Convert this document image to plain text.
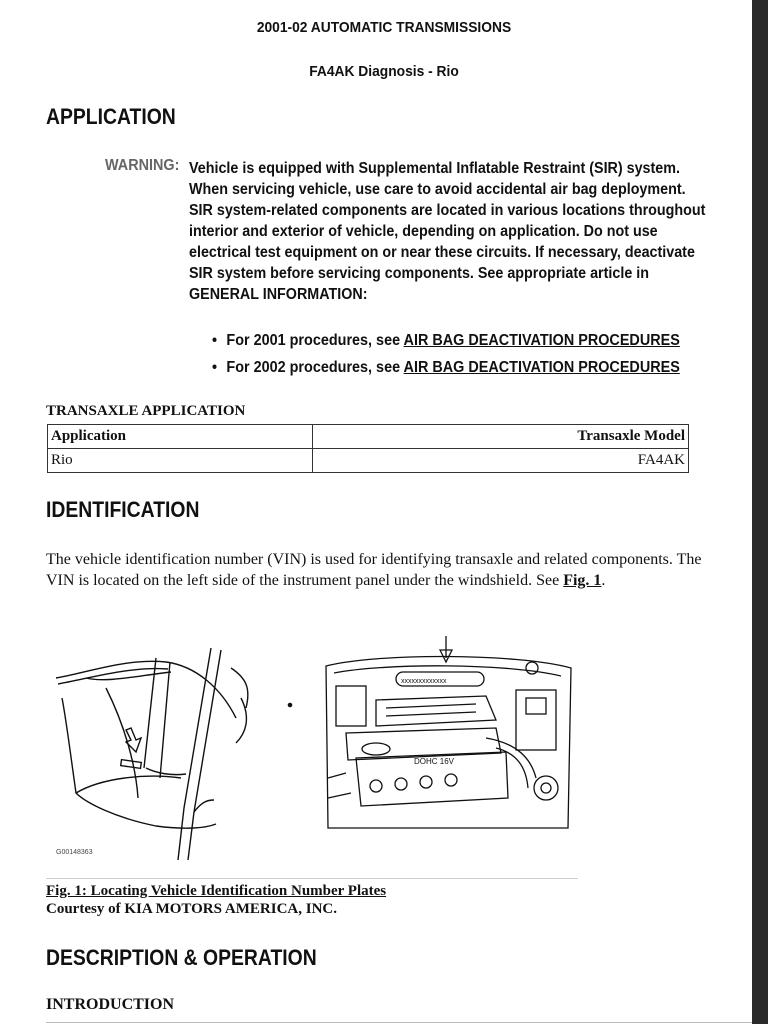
2001-02 AUTOMATIC TRANSMISSIONS
FA4AK Diagnosis - Rio
APPLICATION
WARNING: Vehicle is equipped with Supplemental Inflatable Restraint (SIR) system. When servicing vehicle, use care to avoid accidental air bag deployment. SIR system-related components are located in various locations throughout interior and exterior of vehicle, depending on application. Do not use electrical test equipment on or near these circuits. If necessary, deactivate SIR system before servicing components. See appropriate article in GENERAL INFORMATION:
• For 2001 procedures, see AIR BAG DEACTIVATION PROCEDURES
• For 2002 procedures, see AIR BAG DEACTIVATION PROCEDURES
TRANSAXLE APPLICATION
Application	Transaxle Model
Rio	FA4AK
IDENTIFICATION
The vehicle identification number (VIN) is used for identifying transaxle and related components. The VIN is located on the left side of the instrument panel under the windshield. See Fig. 1.
G00148363
xxxxxxxxxxxxx
DOHC 16V
Fig. 1: Locating Vehicle Identification Number Plates
Courtesy of KIA MOTORS AMERICA, INC.
DESCRIPTION & OPERATION
INTRODUCTION
